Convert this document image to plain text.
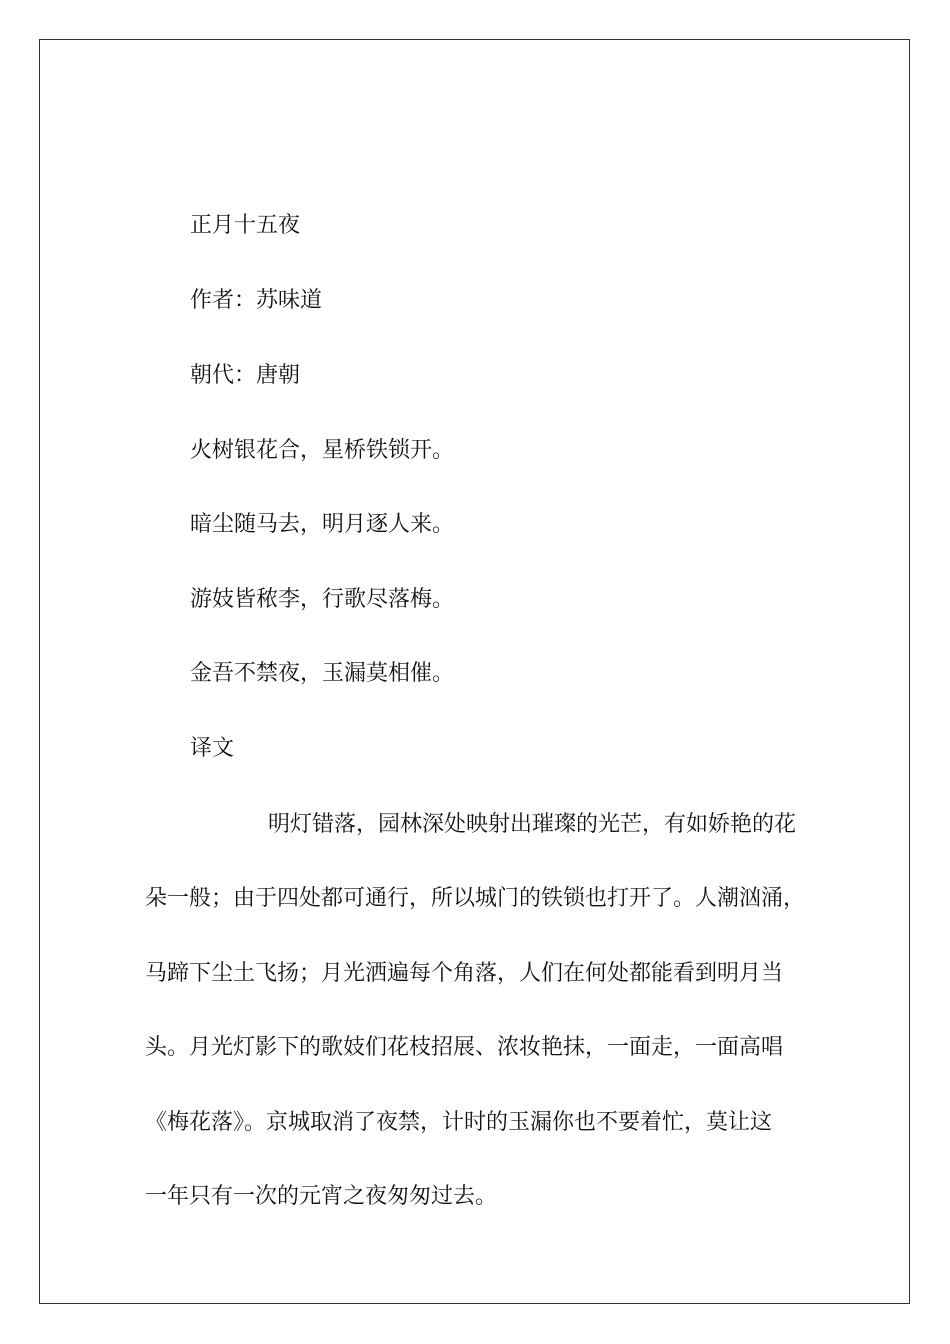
正月十五夜

作者：苏味道

朝代：唐朝

火树银花合，星桥铁锁开。

暗尘随马去，明月逐人来。

游妓皆秾李，行歌尽落梅。

金吾不禁夜，玉漏莫相催。

译文

明灯错落，园林深处映射出璀璨的光芒，有如娇艳的花
朵一般；由于四处都可通行，所以城门的铁锁也打开了。人潮汹涌，
马蹄下尘土飞扬；月光洒遍每个角落，人们在何处都能看到明月当
头。月光灯影下的歌妓们花枝招展、浓妆艳抹，一面走，一面高唱
《梅花落》。京城取消了夜禁，计时的玉漏你也不要着忙，莫让这
一年只有一次的元宵之夜匆匆过去。
